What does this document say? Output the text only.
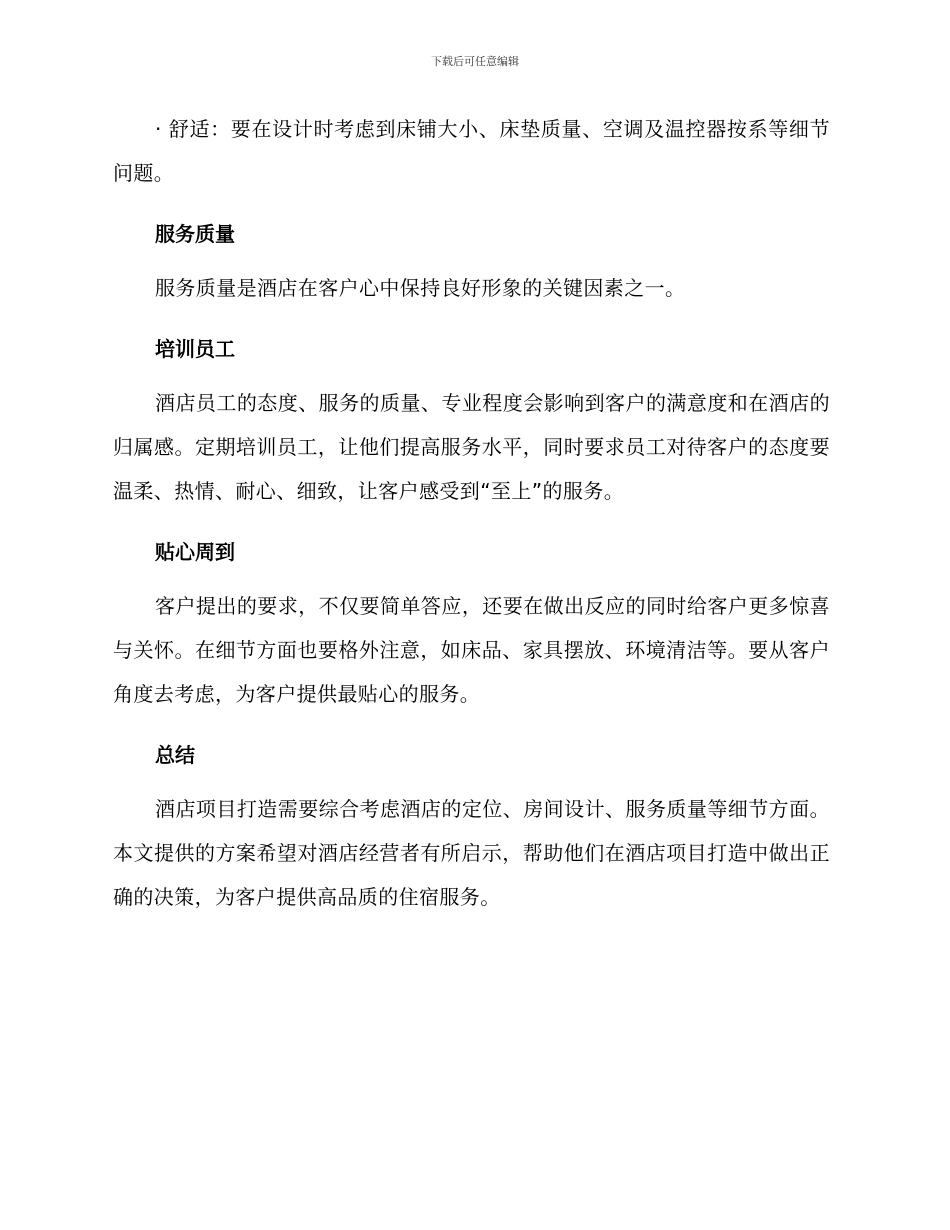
下载后可任意编辑

· 舒适：要在设计时考虑到床铺大小、床垫质量、空调及温控器按系等细节问题。

服务质量

服务质量是酒店在客户心中保持良好形象的关键因素之一。

培训员工

酒店员工的态度、服务的质量、专业程度会影响到客户的满意度和在酒店的归属感。定期培训员工，让他们提高服务水平，同时要求员工对待客户的态度要温柔、热情、耐心、细致，让客户感受到“至上”的服务。

贴心周到

客户提出的要求，不仅要简单答应，还要在做出反应的同时给客户更多惊喜与关怀。在细节方面也要格外注意，如床品、家具摆放、环境清洁等。要从客户角度去考虑，为客户提供最贴心的服务。

总结

酒店项目打造需要综合考虑酒店的定位、房间设计、服务质量等细节方面。本文提供的方案希望对酒店经营者有所启示，帮助他们在酒店项目打造中做出正确的决策，为客户提供高品质的住宿服务。
